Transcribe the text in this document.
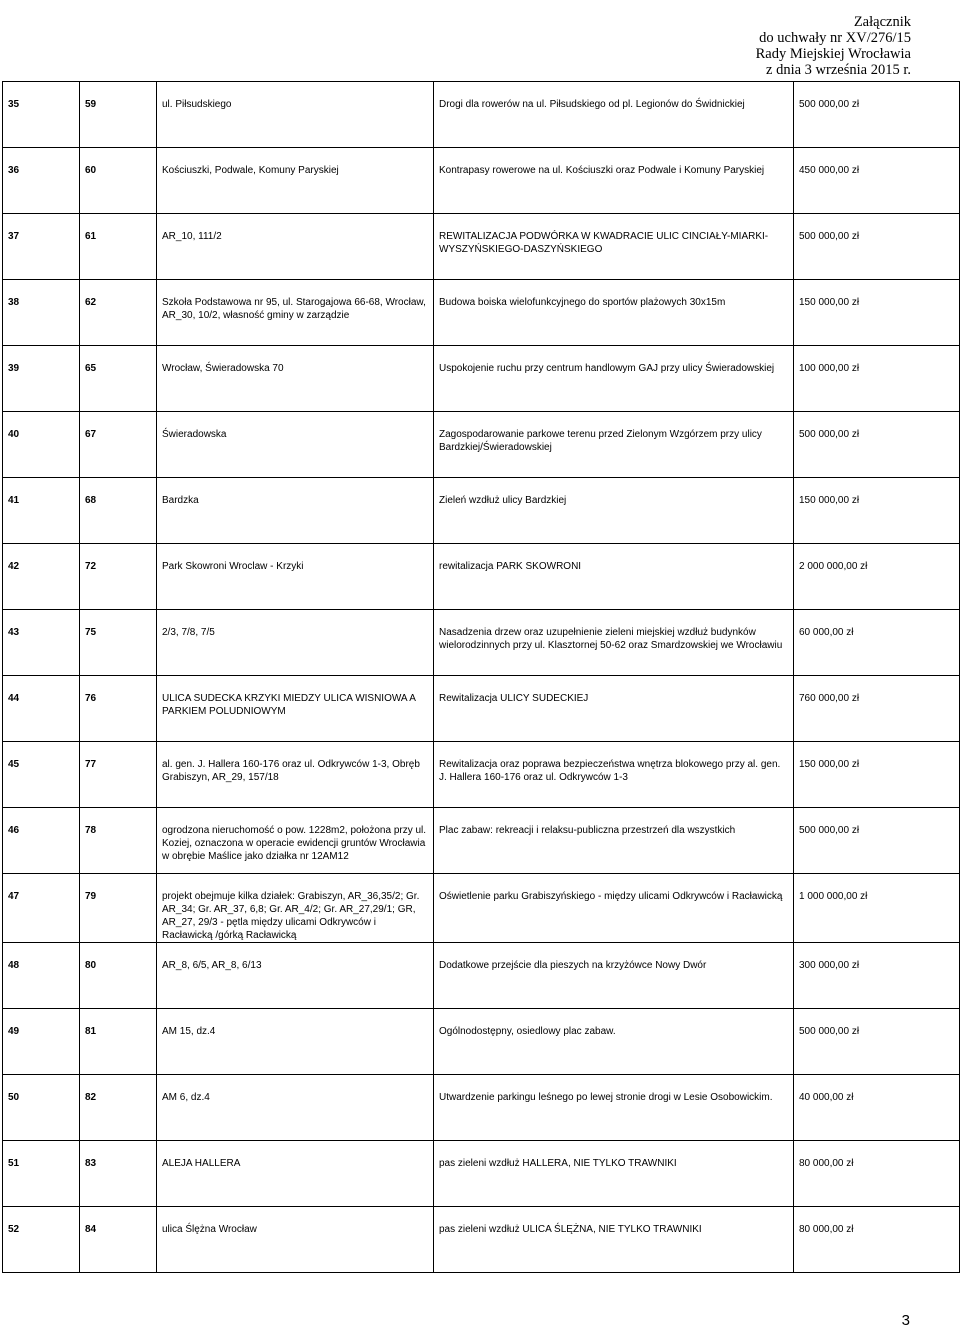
Załącznik
do uchwały nr XV/276/15
Rady Miejskiej Wrocławia
z dnia 3 września 2015 r.
35	59	ul. Piłsudskiego	Drogi dla rowerów na ul. Piłsudskiego od pl. Legionów do Świdnickiej	500 000,00 zł
36	60	Kościuszki, Podwale, Komuny Paryskiej	Kontrapasy rowerowe na ul. Kościuszki oraz Podwale i Komuny Paryskiej	450 000,00 zł
37	61	AR_10, 111/2	REWITALIZACJA PODWÓRKA W KWADRACIE ULIC CINCIAŁY-MIARKI-WYSZYŃSKIEGO-DASZYŃSKIEGO	500 000,00 zł
38	62	Szkoła Podstawowa nr 95, ul. Starogajowa 66-68, Wrocław, AR_30, 10/2, własność gminy w zarządzie	Budowa boiska wielofunkcyjnego do sportów plażowych 30x15m	150 000,00 zł
39	65	Wrocław, Świeradowska 70	Uspokojenie ruchu przy centrum handlowym GAJ przy ulicy Świeradowskiej	100 000,00 zł
40	67	Świeradowska	Zagospodarowanie parkowe terenu przed Zielonym Wzgórzem przy ulicy Bardzkiej/Świeradowskiej	500 000,00 zł
41	68	Bardzka	Zieleń wzdłuż ulicy Bardzkiej	150 000,00 zł
42	72	Park Skowroni Wroclaw - Krzyki	rewitalizacja PARK SKOWRONI	2 000 000,00 zł
43	75	2/3, 7/8, 7/5	Nasadzenia drzew oraz uzupełnienie zieleni miejskiej wzdłuż budynków wielorodzinnych przy ul. Klasztornej 50-62 oraz Smardzowskiej we Wrocławiu	60 000,00 zł
44	76	ULICA SUDECKA KRZYKI MIEDZY ULICA WISNIOWA A PARKIEM POLUDNIOWYM	Rewitalizacja ULICY SUDECKIEJ	760 000,00 zł
45	77	al. gen. J. Hallera 160-176 oraz ul. Odkrywców 1-3, Obręb Grabiszyn, AR_29, 157/18	Rewitalizacja oraz poprawa bezpieczeństwa wnętrza blokowego przy al. gen. J. Hallera 160-176 oraz ul. Odkrywców 1-3	150 000,00 zł
46	78	ogrodzona nieruchomość o pow. 1228m2, położona przy ul. Koziej, oznaczona w operacie ewidencji gruntów Wrocławia w obrębie Maślice jako działka nr 12AM12	Plac zabaw: rekreacji i relaksu-publiczna przestrzeń dla wszystkich	500 000,00 zł
47	79	projekt obejmuje kilka działek: Grabiszyn, AR_36,35/2; Gr. AR_34; Gr. AR_37, 6,8; Gr. AR_4/2; Gr. AR_27,29/1; GR, AR_27, 29/3 - pętla między ulicami Odkrywców i Racławicką /górką Racławicką	Oświetlenie parku Grabiszyńskiego - między ulicami Odkrywców i Racławicką	1 000 000,00 zł
48	80	AR_8, 6/5, AR_8, 6/13	Dodatkowe przejście dla pieszych na krzyżówce Nowy Dwór	300 000,00 zł
49	81	AM 15, dz.4	Ogólnodostępny, osiedlowy plac zabaw.	500 000,00 zł
50	82	AM 6, dz.4	Utwardzenie parkingu leśnego po lewej stronie drogi w Lesie Osobowickim.	40 000,00 zł
51	83	ALEJA HALLERA	pas zieleni wzdłuż HALLERA, NIE TYLKO TRAWNIKI	80 000,00 zł
52	84	ulica Ślężna Wrocław	pas zieleni wzdłuż ULICA ŚLĘŻNA, NIE TYLKO TRAWNIKI	80 000,00 zł
3
